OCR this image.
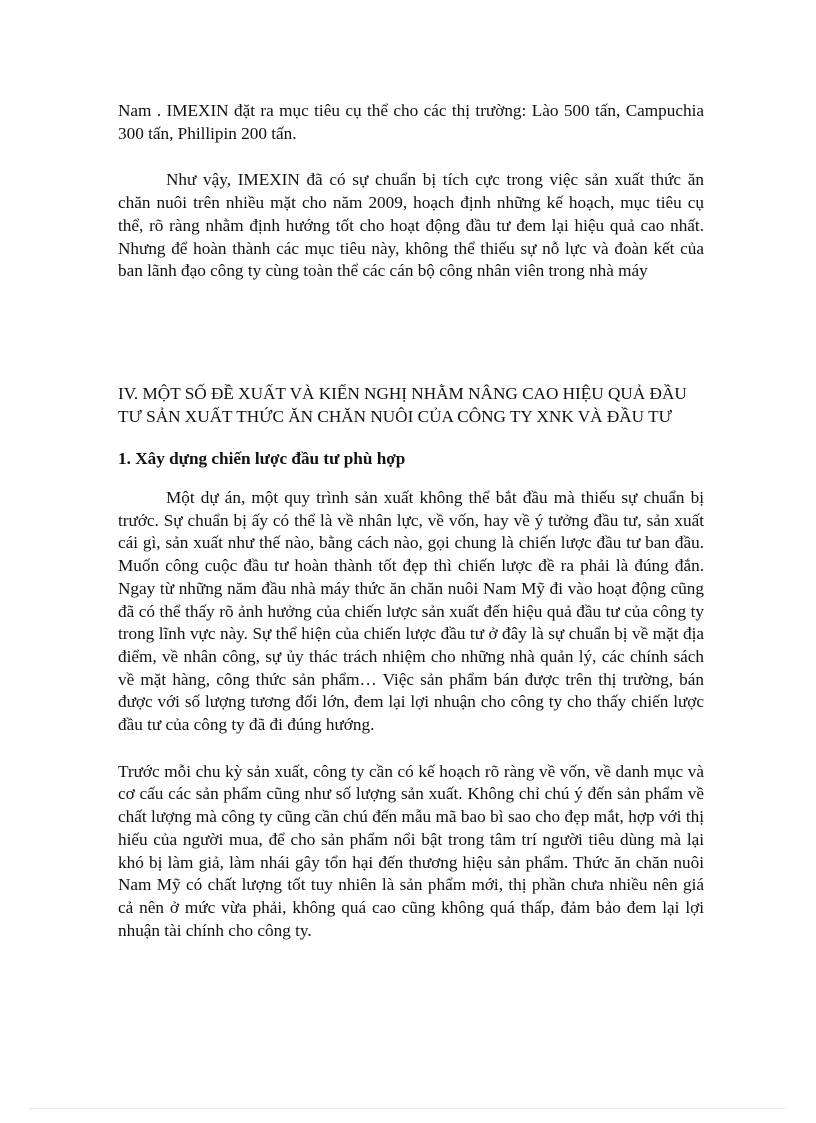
Nam . IMEXIN đặt ra mục tiêu cụ thể cho các thị trường: Lào 500 tấn, Campuchia 300 tấn, Phillipin 200 tấn.

Như vậy, IMEXIN đã có sự chuẩn bị tích cực trong việc sản xuất thức ăn chăn nuôi trên nhiều mặt cho năm 2009, hoạch định những kế hoạch, mục tiêu cụ thể, rõ ràng nhằm định hướng tốt cho hoạt động đầu tư đem lại hiệu quả cao nhất. Nhưng để hoàn thành các mục tiêu này, không thể thiếu sự nỗ lực và đoàn kết của ban lãnh đạo công ty cùng toàn thể các cán bộ công nhân viên trong nhà máy

IV. MỘT SỐ ĐỀ XUẤT VÀ KIẾN NGHỊ NHẰM NÂNG CAO HIỆU QUẢ ĐẦU TƯ SẢN XUẤT THỨC ĂN CHĂN NUÔI CỦA CÔNG TY XNK VÀ ĐẦU TƯ
1. Xây dựng chiến lược đầu tư phù hợp

Một dự án, một quy trình sản xuất không thể bắt đầu mà thiếu sự chuẩn bị trước. Sự chuẩn bị ấy có thể là về nhân lực, về vốn, hay về ý tưởng đầu tư, sản xuất cái gì, sản xuất như thế nào, bằng cách nào, gọi chung là chiến lược đầu tư ban đầu. Muốn công cuộc đầu tư hoàn thành tốt đẹp thì chiến lược đề ra phải là đúng đắn. Ngay từ những năm đầu nhà máy thức ăn chăn nuôi Nam Mỹ đi vào hoạt động cũng đã có thể thấy rõ ảnh hưởng của chiến lược sản xuất đến hiệu quả đầu tư của công ty trong lĩnh vực này. Sự thể hiện của chiến lược đầu tư ở đây là sự chuẩn bị về mặt địa điểm, về nhân công, sự ủy thác trách nhiệm cho những nhà quản lý, các chính sách về mặt hàng, công thức sản phẩm… Việc sản phẩm bán được trên thị trường, bán được với số lượng tương đối lớn, đem lại lợi nhuận cho công ty cho thấy chiến lược đầu tư của công ty đã đi đúng hướng.

Trước mỗi chu kỳ sản xuất, công ty cần có kế hoạch rõ ràng về vốn, về danh mục và cơ cấu các sản phẩm cũng như số lượng sản xuất. Không chỉ chú ý đến sản phẩm về chất lượng mà công ty cũng cần chú đến mẫu mã bao bì sao cho đẹp mắt, hợp với thị hiếu của người mua, để cho sản phẩm nổi bật trong tâm trí người tiêu dùng mà lại khó bị làm giả, làm nhái gây tổn hại đến thương hiệu sản phẩm. Thức ăn chăn nuôi Nam Mỹ có chất lượng tốt tuy nhiên là sản phẩm mới, thị phần chưa nhiều nên giá cả nên ở mức vừa phải, không quá cao cũng không quá thấp, đảm bảo đem lại lợi nhuận tài chính cho công ty.
